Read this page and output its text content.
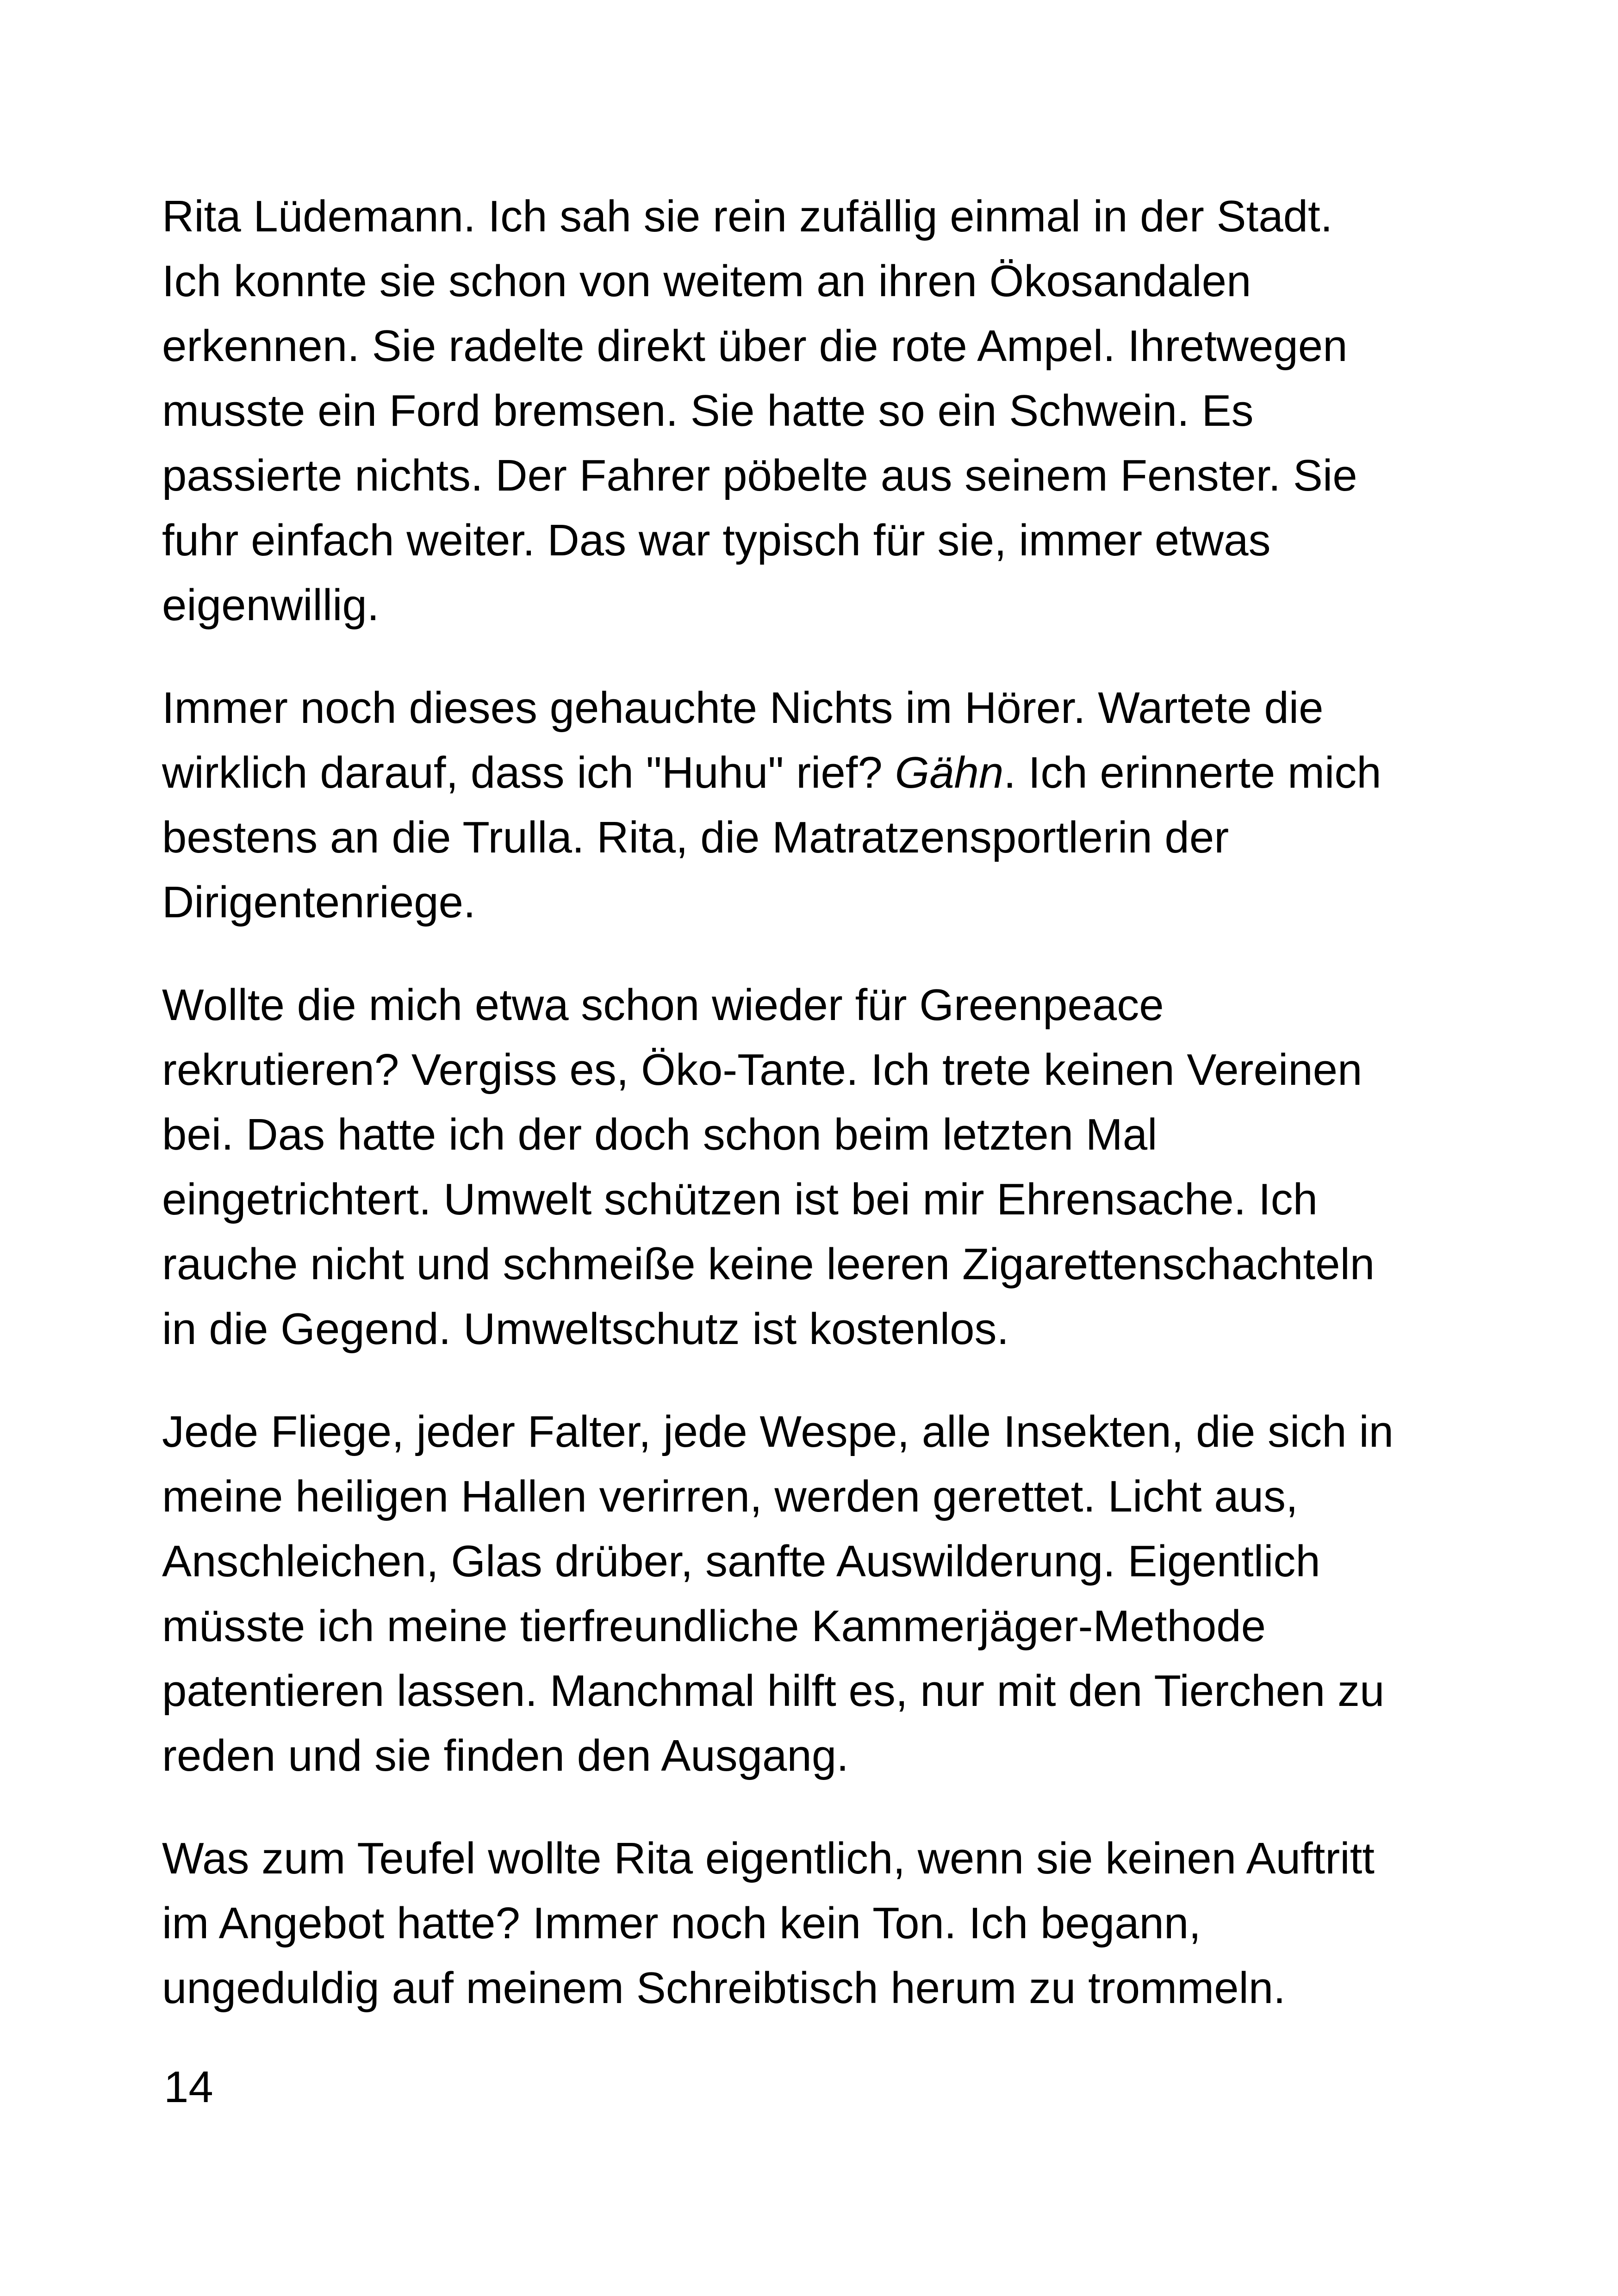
Rita Lüdemann. Ich sah sie rein zufällig einmal in der Stadt.
Ich konnte sie schon von weitem an ihren Ökosandalen
erkennen. Sie radelte direkt über die rote Ampel. Ihretwegen
musste ein Ford bremsen. Sie hatte so ein Schwein. Es
passierte nichts. Der Fahrer pöbelte aus seinem Fenster. Sie
fuhr einfach weiter. Das war typisch für sie, immer etwas
eigenwillig.

Immer noch dieses gehauchte Nichts im Hörer. Wartete die
wirklich darauf, dass ich "Huhu" rief? Gähn. Ich erinnerte mich
bestens an die Trulla. Rita, die Matratzensportlerin der
Dirigentenriege.

Wollte die mich etwa schon wieder für Greenpeace
rekrutieren? Vergiss es, Öko-Tante. Ich trete keinen Vereinen
bei. Das hatte ich der doch schon beim letzten Mal
eingetrichtert. Umwelt schützen ist bei mir Ehrensache. Ich
rauche nicht und schmeiße keine leeren Zigarettenschachteln
in die Gegend. Umweltschutz ist kostenlos.

Jede Fliege, jeder Falter, jede Wespe, alle Insekten, die sich in
meine heiligen Hallen verirren, werden gerettet. Licht aus,
Anschleichen, Glas drüber, sanfte Auswilderung. Eigentlich
müsste ich meine tierfreundliche Kammerjäger-Methode
patentieren lassen. Manchmal hilft es, nur mit den Tierchen zu
reden und sie finden den Ausgang.

Was zum Teufel wollte Rita eigentlich, wenn sie keinen Auftritt
im Angebot hatte? Immer noch kein Ton. Ich begann,
ungeduldig auf meinem Schreibtisch herum zu trommeln.

14
